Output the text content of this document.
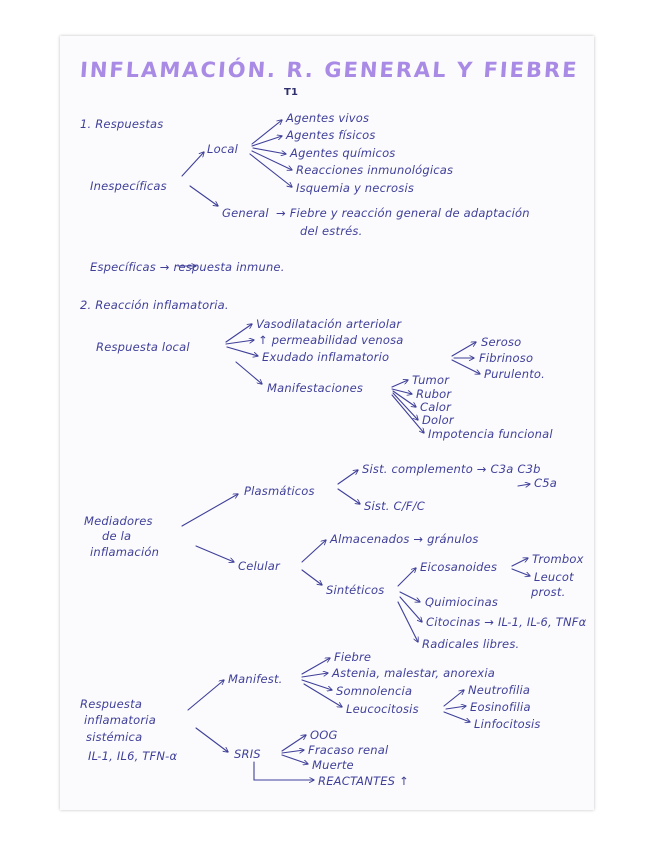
INFLAMACIÓN. R. GENERAL Y FIEBRE
T1
1. Respuestas
Inespecíficas
Local
Agentes vivos
Agentes físicos
Agentes químicos
Reacciones inmunológicas
Isquemia y necrosis
General → Fiebre y reacción general de adaptación
del estrés.
Específicas → respuesta inmune.
2. Reacción inflamatoria.
Respuesta local
Vasodilatación arteriolar
↑ permeabilidad venosa
Exudado inflamatorio
Seroso
Fibrinoso
Purulento.
Manifestaciones
Tumor
Rubor
Calor
Dolor
Impotencia funcional
Mediadores
de la
inflamación
Plasmáticos
Sist. complemento → C3a C3b
C5a
Sist. C/F/C
Celular
Almacenados → gránulos
Sintéticos
Eicosanoides
Trombox
Leucot
prost.
Quimiocinas
Citocinas → IL-1, IL-6, TNFα
Radicales libres.
Respuesta
inflamatoria
sistémica
IL-1, IL6, TFN-α
Manifest.
Fiebre
Astenia, malestar, anorexia
Somnolencia
Leucocitosis
Neutrofilia
Eosinofilia
Linfocitosis
SRIS
OOG
Fracaso renal
Muerte
REACTANTES ↑
